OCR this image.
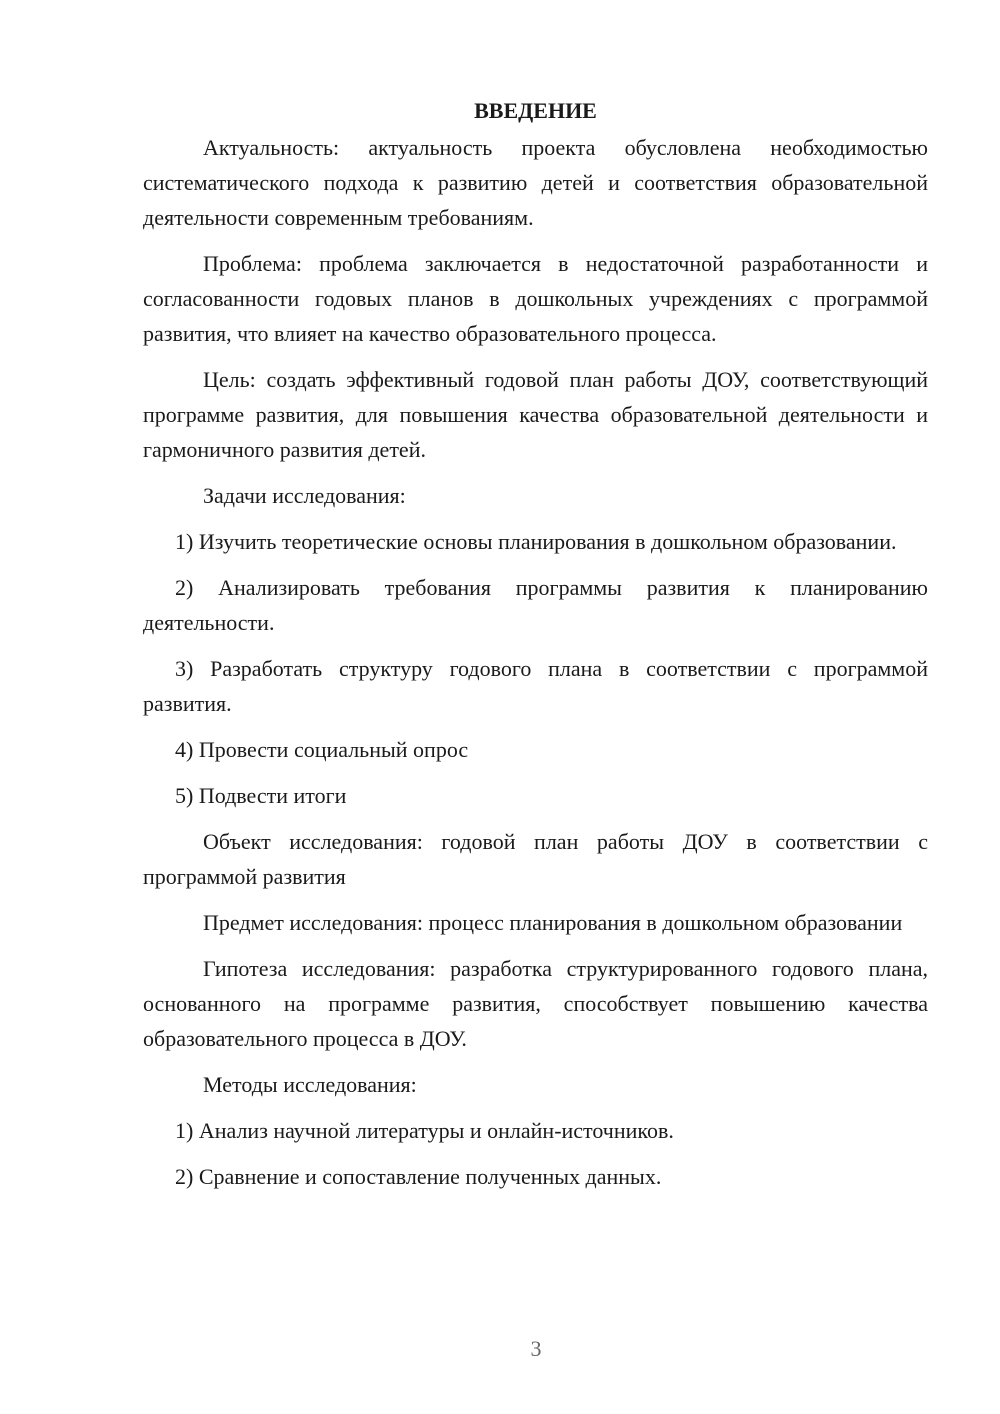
ВВЕДЕНИЕ

Актуальность: актуальность проекта обусловлена необходимостью систематического подхода к развитию детей и соответствия образовательной деятельности современным требованиям.

Проблема: проблема заключается в недостаточной разработанности и согласованности годовых планов в дошкольных учреждениях с программой развития, что влияет на качество образовательного процесса.

Цель: создать эффективный годовой план работы ДОУ, соответствующий программе развития, для повышения качества образовательной деятельности и гармоничного развития детей.

Задачи исследования:

1) Изучить теоретические основы планирования в дошкольном образовании.

2) Анализировать требования программы развития к планированию деятельности.

3) Разработать структуру годового плана в соответствии с программой развития.

4) Провести социальный опрос

5) Подвести итоги

Объект исследования: годовой план работы ДОУ в соответствии с программой развития

Предмет исследования: процесс планирования в дошкольном образовании

Гипотеза исследования: разработка структурированного годового плана, основанного на программе развития, способствует повышению качества образовательного процесса в ДОУ.

Методы исследования:

1) Анализ научной литературы и онлайн-источников.

2) Сравнение и сопоставление полученных данных.

3
